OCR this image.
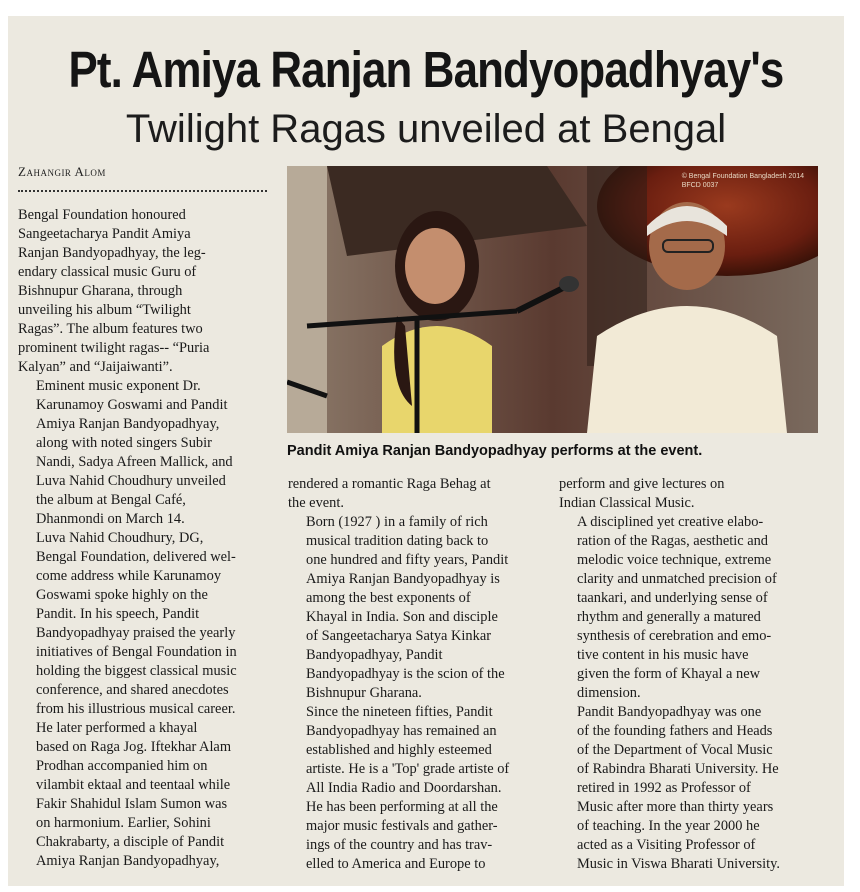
Pt. Amiya Ranjan Bandyopadhyay's
Twilight Ragas unveiled at Bengal
Zahangir Alom	© Bengal Foundation Bangladesh 2014
BFCD 0037
Pandit Amiya Ranjan Bandyopadhyay performs at the event.

Bengal Foundation honoured
Sangeetacharya Pandit Amiya
Ranjan Bandyopadhyay, the leg-
endary classical music Guru of
Bishnupur Gharana, through
unveiling his album “Twilight
Ragas”. The album features two
prominent twilight ragas-- “Puria
Kalyan” and “Jaijaiwanti”.

Eminent music exponent Dr.
Karunamoy Goswami and Pandit
Amiya Ranjan Bandyopadhyay,
along with noted singers Subir
Nandi, Sadya Afreen Mallick, and
Luva Nahid Choudhury unveiled
the album at Bengal Café,
Dhanmondi on March 14.

Luva Nahid Choudhury, DG,
Bengal Foundation, delivered wel-
come address while Karunamoy
Goswami spoke highly on the
Pandit. In his speech, Pandit
Bandyopadhyay praised the yearly
initiatives of Bengal Foundation in
holding the biggest classical music
conference, and shared anecdotes
from his illustrious musical career.

He later performed a khayal
based on Raga Jog. Iftekhar Alam
Prodhan accompanied him on
vilambit ektaal and teentaal while
Fakir Shahidul Islam Sumon was
on harmonium. Earlier, Sohini
Chakrabarty, a disciple of Pandit
Amiya Ranjan Bandyopadhyay,

rendered a romantic Raga Behag at
the event.

Born (1927 ) in a family of rich
musical tradition dating back to
one hundred and fifty years, Pandit
Amiya Ranjan Bandyopadhyay is
among the best exponents of
Khayal in India. Son and disciple
of Sangeetacharya Satya Kinkar
Bandyopadhyay, Pandit
Bandyopadhyay is the scion of the
Bishnupur Gharana.

Since the nineteen fifties, Pandit
Bandyopadhyay has remained an
established and highly esteemed
artiste. He is a 'Top' grade artiste of
All India Radio and Doordarshan.
He has been performing at all the
major music festivals and gather-
ings of the country and has trav-
elled to America and Europe to

perform and give lectures on
Indian Classical Music.

A disciplined yet creative elabo-
ration of the Ragas, aesthetic and
melodic voice technique, extreme
clarity and unmatched precision of
taankari, and underlying sense of
rhythm and generally a matured
synthesis of cerebration and emo-
tive content in his music have
given the form of Khayal a new
dimension.

Pandit Bandyopadhyay was one
of the founding fathers and Heads
of the Department of Vocal Music
of Rabindra Bharati University. He
retired in 1992 as Professor of
Music after more than thirty years
of teaching. In the year 2000 he
acted as a Visiting Professor of
Music in Viswa Bharati University.
